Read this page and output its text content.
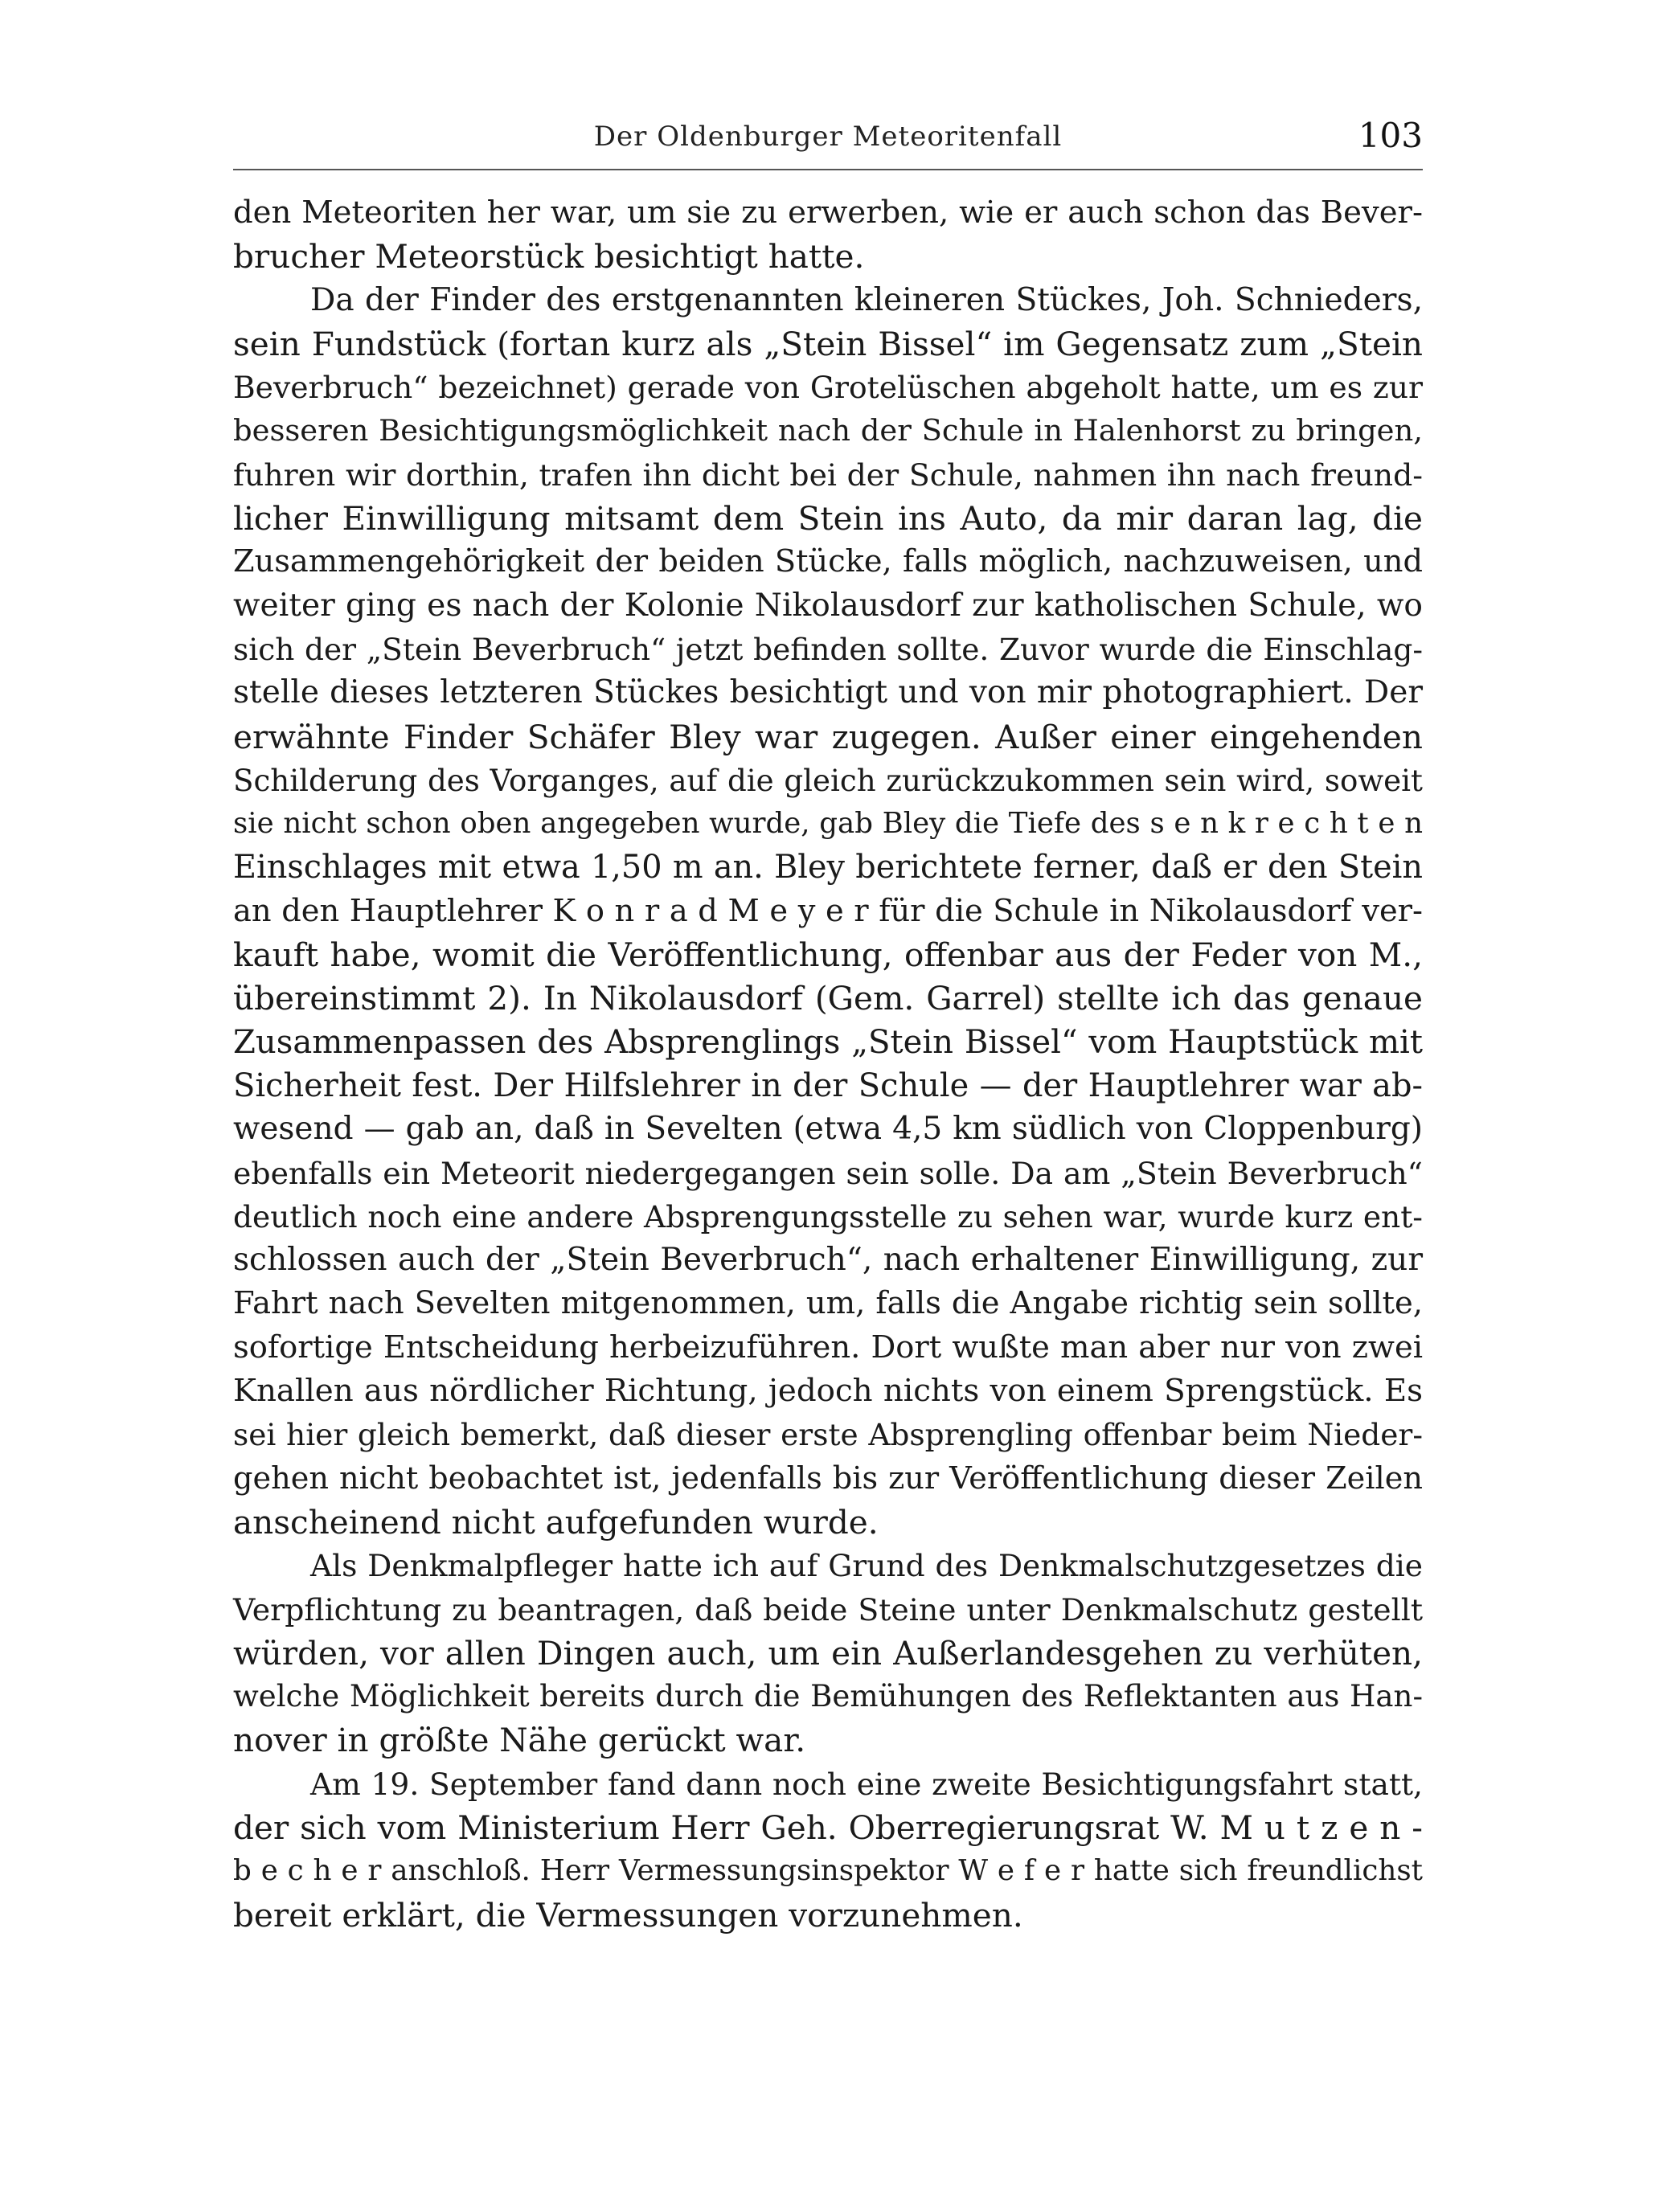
Der Oldenburger Meteoritenfall	103
den Meteoriten her war, um sie zu erwerben, wie er auch schon das Bever-
brucher Meteorstück besichtigt hatte.
Da der Finder des erstgenannten kleineren Stückes, Joh. Schnieders,
sein Fundstück (fortan kurz als „Stein Bissel“ im Gegensatz zum „Stein
Beverbruch“ bezeichnet) gerade von Grotelüschen abgeholt hatte, um es zur
besseren Besichtigungsmöglichkeit nach der Schule in Halenhorst zu bringen,
fuhren wir dorthin, trafen ihn dicht bei der Schule, nahmen ihn nach freund-
licher Einwilligung mitsamt dem Stein ins Auto, da mir daran lag, die
Zusammengehörigkeit der beiden Stücke, falls möglich, nachzuweisen, und
weiter ging es nach der Kolonie Nikolausdorf zur katholischen Schule, wo
sich der „Stein Beverbruch“ jetzt befinden sollte. Zuvor wurde die Einschlag-
stelle dieses letzteren Stückes besichtigt und von mir photographiert. Der
erwähnte Finder Schäfer Bley war zugegen. Außer einer eingehenden
Schilderung des Vorganges, auf die gleich zurückzukommen sein wird, soweit
sie nicht schon oben angegeben wurde, gab Bley die Tiefe des s e n k r e c h t e n
Einschlages mit etwa 1,50 m an. Bley berichtete ferner, daß er den Stein
an den Hauptlehrer K o n r a d M e y e r für die Schule in Nikolausdorf ver-
kauft habe, womit die Veröffentlichung, offenbar aus der Feder von M.,
übereinstimmt 2). In Nikolausdorf (Gem. Garrel) stellte ich das genaue
Zusammenpassen des Absprenglings „Stein Bissel“ vom Hauptstück mit
Sicherheit fest. Der Hilfslehrer in der Schule — der Hauptlehrer war ab-
wesend — gab an, daß in Sevelten (etwa 4,5 km südlich von Cloppenburg)
ebenfalls ein Meteorit niedergegangen sein solle. Da am „Stein Beverbruch“
deutlich noch eine andere Absprengungsstelle zu sehen war, wurde kurz ent-
schlossen auch der „Stein Beverbruch“, nach erhaltener Einwilligung, zur
Fahrt nach Sevelten mitgenommen, um, falls die Angabe richtig sein sollte,
sofortige Entscheidung herbeizuführen. Dort wußte man aber nur von zwei
Knallen aus nördlicher Richtung, jedoch nichts von einem Sprengstück. Es
sei hier gleich bemerkt, daß dieser erste Absprengling offenbar beim Nieder-
gehen nicht beobachtet ist, jedenfalls bis zur Veröffentlichung dieser Zeilen
anscheinend nicht aufgefunden wurde.
Als Denkmalpfleger hatte ich auf Grund des Denkmalschutzgesetzes die
Verpflichtung zu beantragen, daß beide Steine unter Denkmalschutz gestellt
würden, vor allen Dingen auch, um ein Außerlandesgehen zu verhüten,
welche Möglichkeit bereits durch die Bemühungen des Reflektanten aus Han-
nover in größte Nähe gerückt war.
Am 19. September fand dann noch eine zweite Besichtigungsfahrt statt,
der sich vom Ministerium Herr Geh. Oberregierungsrat W. M u t z e n -
b e c h e r anschloß. Herr Vermessungsinspektor W e f e r hatte sich freundlichst
bereit erklärt, die Vermessungen vorzunehmen.
